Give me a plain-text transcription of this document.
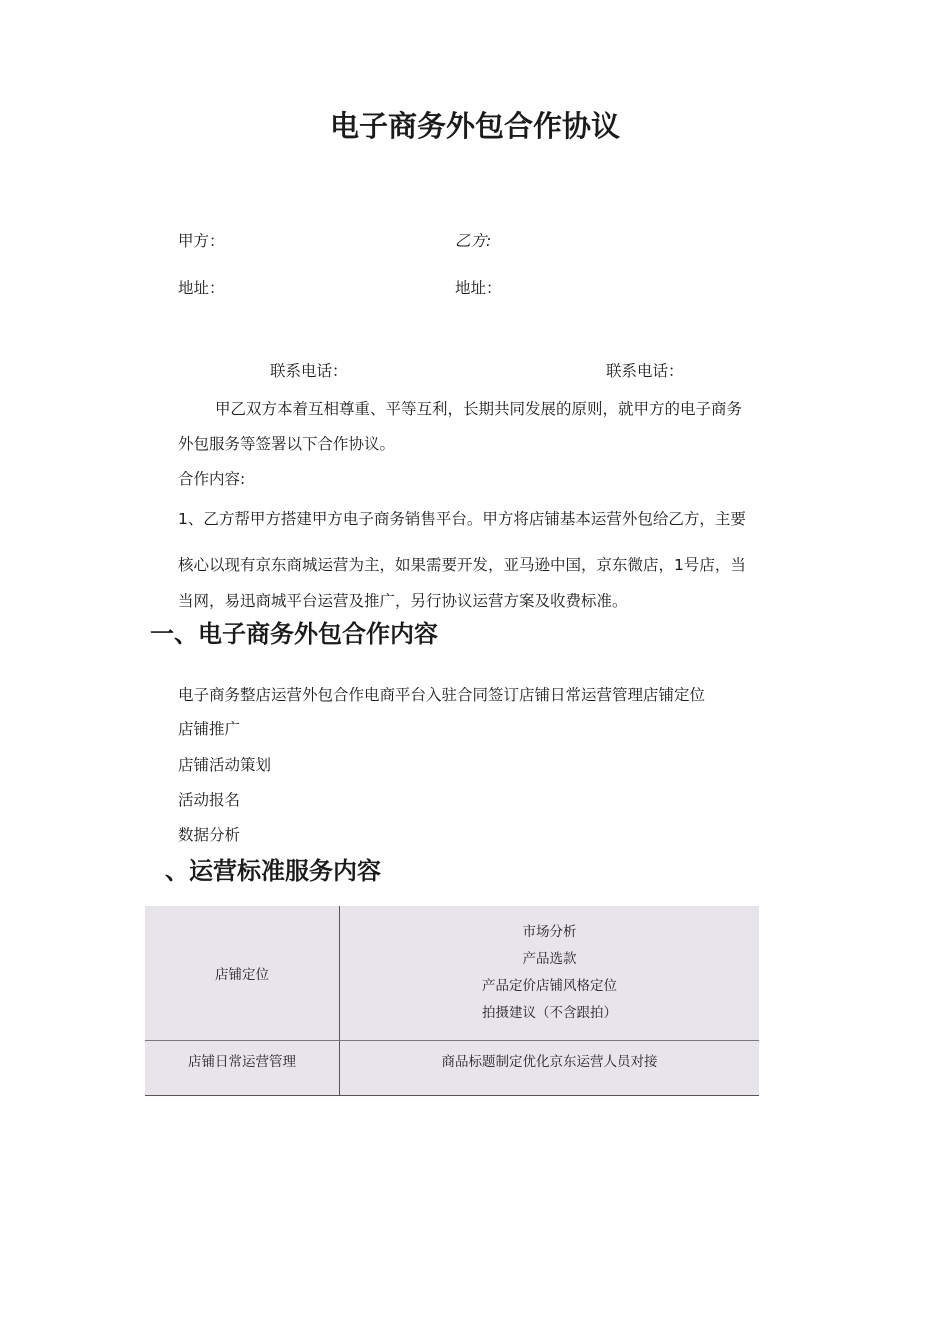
电子商务外包合作协议
甲方：	乙方:
地址：	地址：
联系电话：	联系电话：
甲乙双方本着互相尊重、平等互利，长期共同发展的原则，就甲方的电子商务
外包服务等签署以下合作协议。
合作内容:
1、乙方帮甲方搭建甲方电子商务销售平台。甲方将店铺基本运营外包给乙方，主要
核心以现有京东商城运营为主，如果需要开发，亚马逊中国，京东微店，1号店，当
当网，易迅商城平台运营及推广，另行协议运营方案及收费标准。
一、电子商务外包合作内容
电子商务整店运营外包合作电商平台入驻合同签订店铺日常运营管理店铺定位
店铺推广
店铺活动策划
活动报名
数据分析
、运营标准服务内容
店铺定位	市场分析
产品选款
产品定价店铺风格定位
拍摄建议（不含跟拍）

店铺日常运营管理	商品标题制定优化京东运营人员对接
